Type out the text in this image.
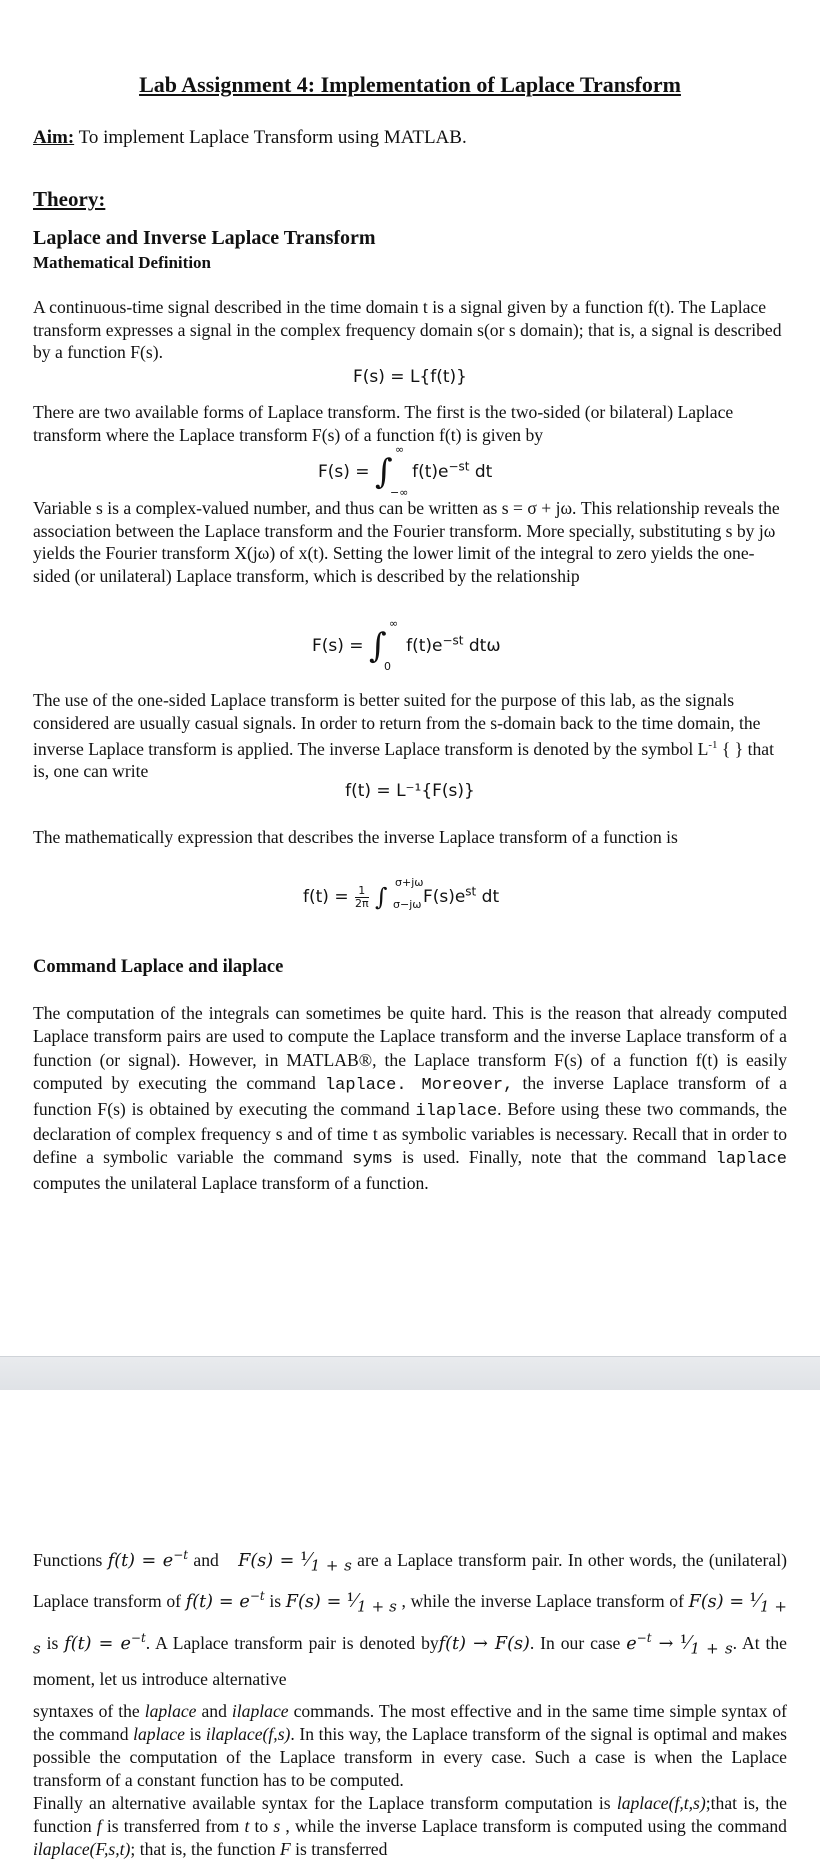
Lab Assignment 4: Implementation of Laplace Transform
Aim: To implement Laplace Transform using MATLAB.
Theory:
Laplace and Inverse Laplace Transform
Mathematical Definition
A continuous-time signal described in the time domain t is a signal given by a function f(t). The Laplace transform expresses a signal in the complex frequency domain s(or s domain); that is, a signal is described by a function F(s).
F(s) = L{f(t)}
There are two available forms of Laplace transform. The first is the two-sided (or bilateral) Laplace transform where the Laplace transform F(s) of a function f(t) is given by
F(s) = ∫
∞
−∞
$f(t)e^{-st}$ dt
Variable s is a complex-valued number, and thus can be written as s = σ + jω. This relationship reveals the association between the Laplace transform and the Fourier transform. More specially, substituting s by jω yields the Fourier transform X(jω) of x(t). Setting the lower limit of the integral to zero yields the one-sided (or unilateral) Laplace transform, which is described by the relationship
F(s) = ∫
∞
0
$f(t)e^{-st}$ dtω
The use of the one-sided Laplace transform is better suited for the purpose of this lab, as the signals considered are usually casual signals. In order to return from the s-domain back to the time domain, the inverse Laplace transform is applied. The inverse Laplace transform is denoted by the symbol $L^{-1}$ { } that is, one can write
f(t) = L⁻¹{F(s)}
The mathematically expression that describes the inverse Laplace transform of a function is
$f(t) = \frac{1}{2\pi}$ ∫
σ+jω
σ−jω $F(s)e^{st}$ dt
Command Laplace and ilaplace
The computation of the integrals can sometimes be quite hard. This is the reason that already computed Laplace transform pairs are used to compute the Laplace transform and the inverse Laplace transform of a function (or signal). However, in MATLAB®, the Laplace transform F(s) of a function f(t) is easily computed by executing the command laplace. Moreover, the inverse Laplace transform of a function F(s) is obtained by executing the command ilaplace. Before using these two commands, the declaration of complex frequency s and of time t as symbolic variables is necessary. Recall that in order to define a symbolic variable the command syms is used. Finally, note that the command laplace computes the unilateral Laplace transform of a function.
Functions $f(t) = e^{-t}$ and $F(s) = ^1⁄_{1 + s}$ are a Laplace transform pair. In other words, the (unilateral) Laplace transform of $f(t) = e^{-t}$ is $F(s) = ^1⁄_{1 + s}$ , while the inverse Laplace transform of $F(s) = ^1⁄_{1 + s}$ is $f(t) = e^{-t}$. A Laplace transform pair is denoted byf(t) → F(s). In our case $e^{-t}$ → $^1⁄_{1 + s}$. At the moment, let us introduce alternative
syntaxes of the laplace and ilaplace commands. The most effective and in the same time simple syntax of the command laplace is ilaplace(f,s). In this way, the Laplace transform of the signal is optimal and makes possible the computation of the Laplace transform in every case. Such a case is when the Laplace transform of a constant function has to be computed.
Finally an alternative available syntax for the Laplace transform computation is laplace(f,t,s);that is, the function f is transferred from t to s , while the inverse Laplace transform is computed using the command ilaplace(F,s,t); that is, the function F is transferred
